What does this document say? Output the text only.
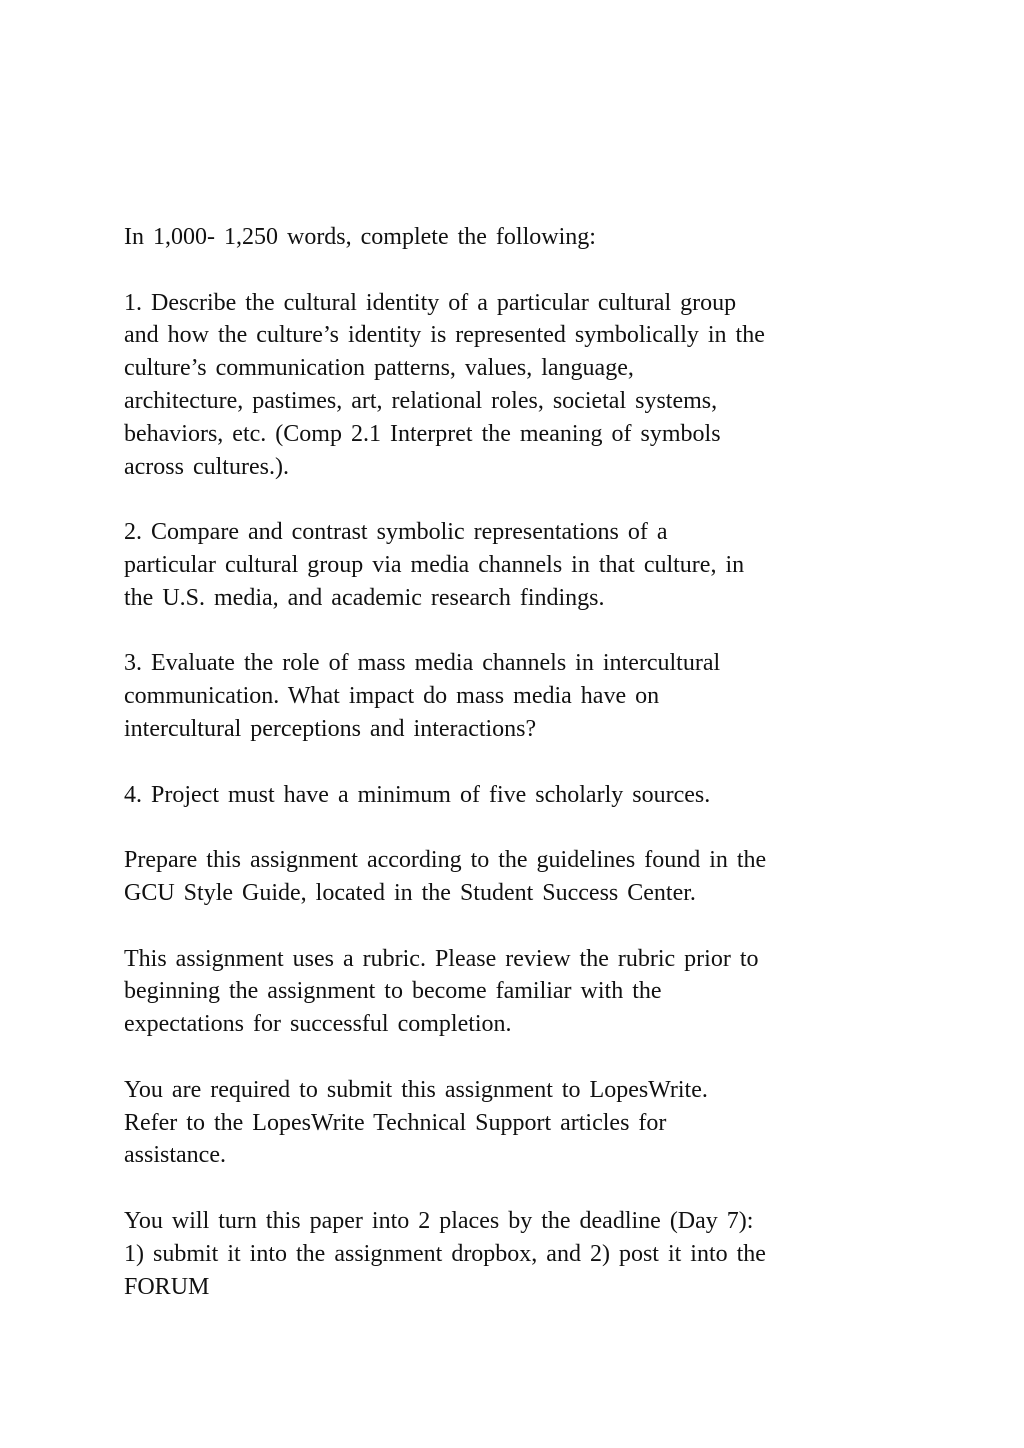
In 1,000- 1,250 words, complete the following:
1. Describe the cultural identity of a particular cultural group
and how the culture’s identity is represented symbolically in the
culture’s communication patterns, values, language,
architecture, pastimes, art, relational roles, societal systems,
behaviors, etc. (Comp 2.1 Interpret the meaning of symbols
across cultures.).
2. Compare and contrast symbolic representations of a
particular cultural group via media channels in that culture, in
the U.S. media, and academic research findings.
3. Evaluate the role of mass media channels in intercultural
communication. What impact do mass media have on
intercultural perceptions and interactions?
4. Project must have a minimum of five scholarly sources.
Prepare this assignment according to the guidelines found in the
GCU Style Guide, located in the Student Success Center.
This assignment uses a rubric. Please review the rubric prior to
beginning the assignment to become familiar with the
expectations for successful completion.
You are required to submit this assignment to LopesWrite.
Refer to the LopesWrite Technical Support articles for
assistance.
You will turn this paper into 2 places by the deadline (Day 7):
1) submit it into the assignment dropbox, and 2) post it into the
FORUM
